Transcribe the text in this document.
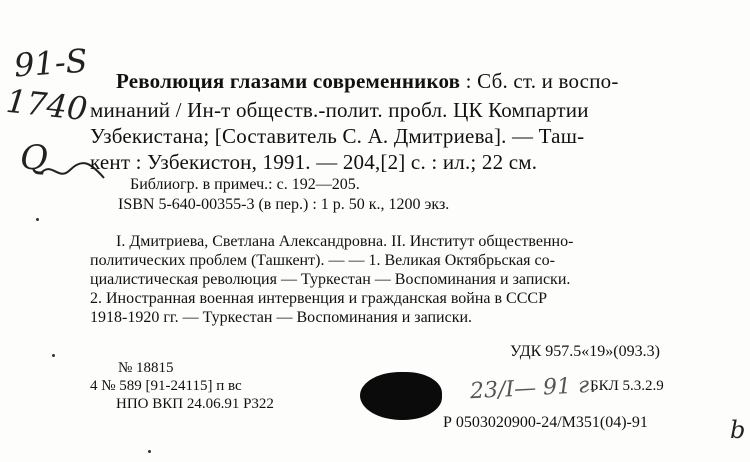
91-S
1740
Q
Революция глазами современников : Сб. ст. и воспо-
минаний / Ин-т обществ.-полит. пробл. ЦК Компартии
Узбекистана; [Составитель С. А. Дмитриева]. — Таш-
кент : Узбекистон, 1991. — 204,[2] с. : ил.; 22 см.
Библиогр. в примеч.: с. 192—205.
ISBN 5-640-00355-3 (в пер.) : 1 р. 50 к., 1200 экз.
I. Дмитриева, Светлана Александровна. II. Институт общественно-
политических проблем (Ташкент). — — 1. Великая Октябрьская со-
циалистическая революция — Туркестан — Воспоминания и записки.
2. Иностранная военная интервенция и гражданская война в СССР
1918-1920 гг. — Туркестан — Воспоминания и записки.
УДК 957.5«19»(093.3)
№ 18815
4 № 589 [91-24115] п вс
НПО ВКП 24.06.91 Р322
БКЛ 5.3.2.9
Р 0503020900-24/М351(04)-91
23/I— 91 г.
b
